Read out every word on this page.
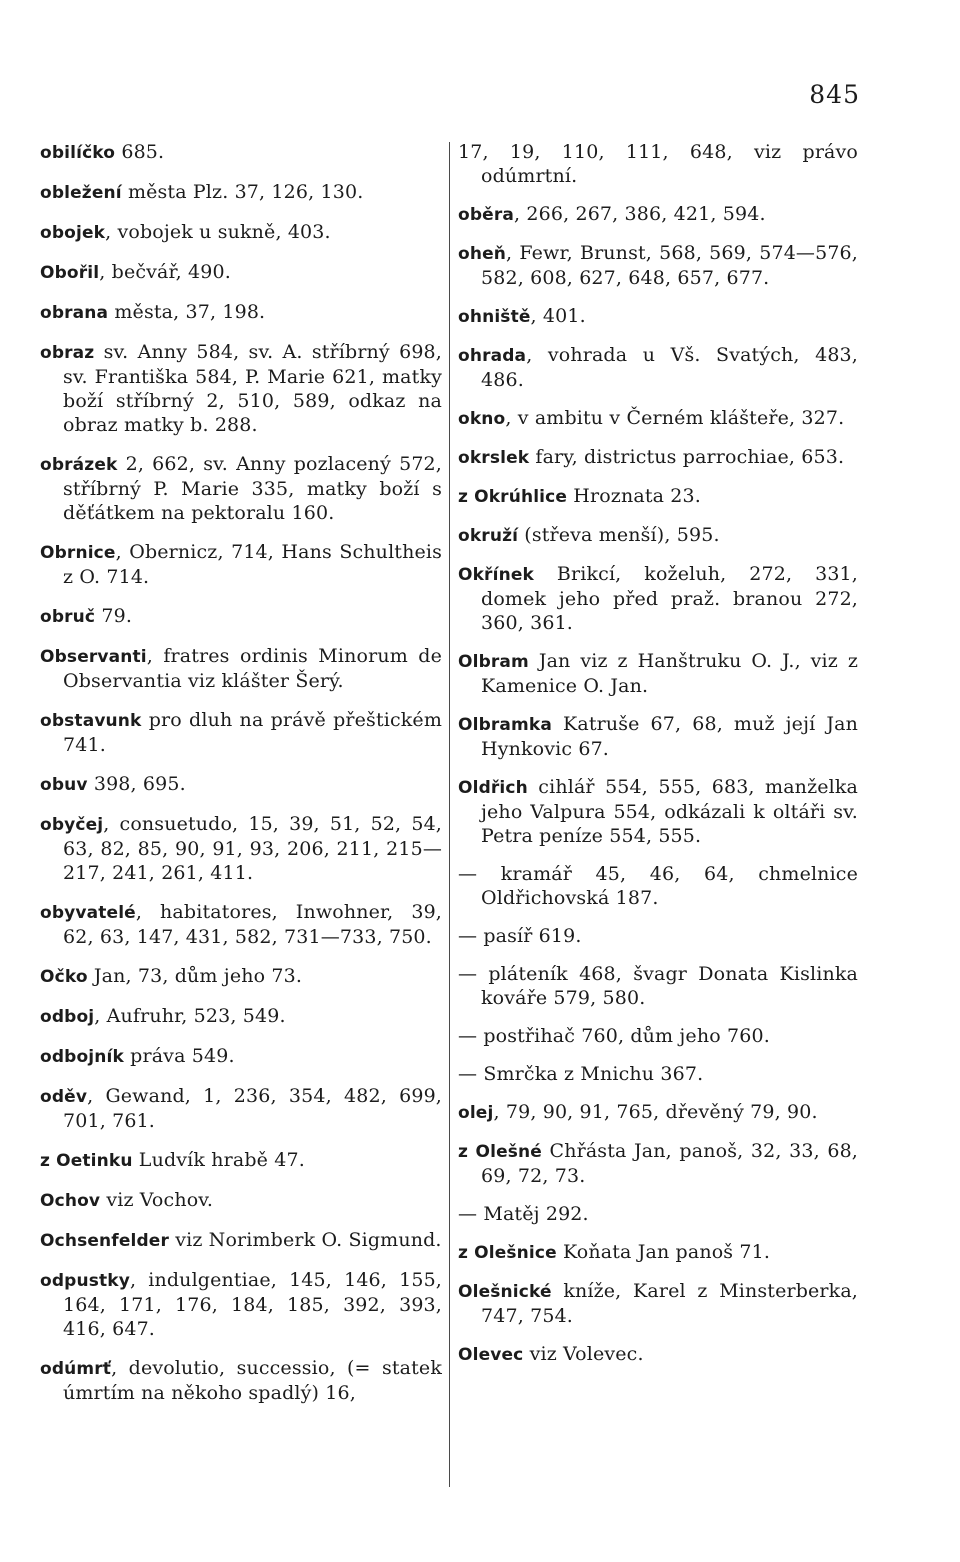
845
obilíčko 685.
obležení města Plz. 37, 126, 130.
obojek, vobojek u sukně, 403.
Obořil, bečvář, 490.
obrana města, 37, 198.
obraz sv. Anny 584, sv. A. stříbrný 698, sv. Františka 584, P. Marie 621, matky boží stříbrný 2, 510, 589, odkaz na obraz matky b. 288.
obrázek 2, 662, sv. Anny pozlacený 572, stříbrný P. Marie 335, matky boží s děťátkem na pektoralu 160.
Obrnice, Obernicz, 714, Hans Schultheis z O. 714.
obruč 79.
Observanti, fratres ordinis Minorum de Observantia viz klášter Šerý.
obstavunk pro dluh na právě přeštickém 741.
obuv 398, 695.
obyčej, consuetudo, 15, 39, 51, 52, 54, 63, 82, 85, 90, 91, 93, 206, 211, 215—217, 241, 261, 411.
obyvatelé, habitatores, Inwohner, 39, 62, 63, 147, 431, 582, 731—733, 750.
Očko Jan, 73, dům jeho 73.
odboj, Aufruhr, 523, 549.
odbojník práva 549.
oděv, Gewand, 1, 236, 354, 482, 699, 701, 761.
z Oetinku Ludvík hrabě 47.
Ochov viz Vochov.
Ochsenfelder viz Norimberk O. Sigmund.
odpustky, indulgentiae, 145, 146, 155, 164, 171, 176, 184, 185, 392, 393, 416, 647.
odúmrť, devolutio, successio, (= statek úmrtím na někoho spadlý) 16,
17, 19, 110, 111, 648, viz právo odúmrtní.
oběra, 266, 267, 386, 421, 594.
oheň, Fewr, Brunst, 568, 569, 574—576, 582, 608, 627, 648, 657, 677.
ohniště, 401.
ohrada, vohrada u Vš. Svatých, 483, 486.
okno, v ambitu v Černém klášteře, 327.
okrslek fary, districtus parrochiae, 653.
z Okrúhlice Hroznata 23.
okruží (střeva menší), 595.
Okřínek Brikcí, koželuh, 272, 331, domek jeho před praž. branou 272, 360, 361.
Olbram Jan viz z Hanštruku O. J., viz z Kamenice O. Jan.
Olbramka Katruše 67, 68, muž její Jan Hynkovic 67.
Oldřich cihlář 554, 555, 683, manželka jeho Valpura 554, odkázali k oltáři sv. Petra peníze 554, 555.
— kramář 45, 46, 64, chmelnice Oldřichovská 187.
— pasíř 619.
— pláteník 468, švagr Donata Kislinka kováře 579, 580.
— postřihač 760, dům jeho 760.
— Smrčka z Mnichu 367.
olej, 79, 90, 91, 765, dřevěný 79, 90.
z Olešné Chřásta Jan, panoš, 32, 33, 68, 69, 72, 73.
— Matěj 292.
z Olešnice Koňata Jan panoš 71.
Olešnické kníže, Karel z Minsterberka, 747, 754.
Olevec viz Volevec.
